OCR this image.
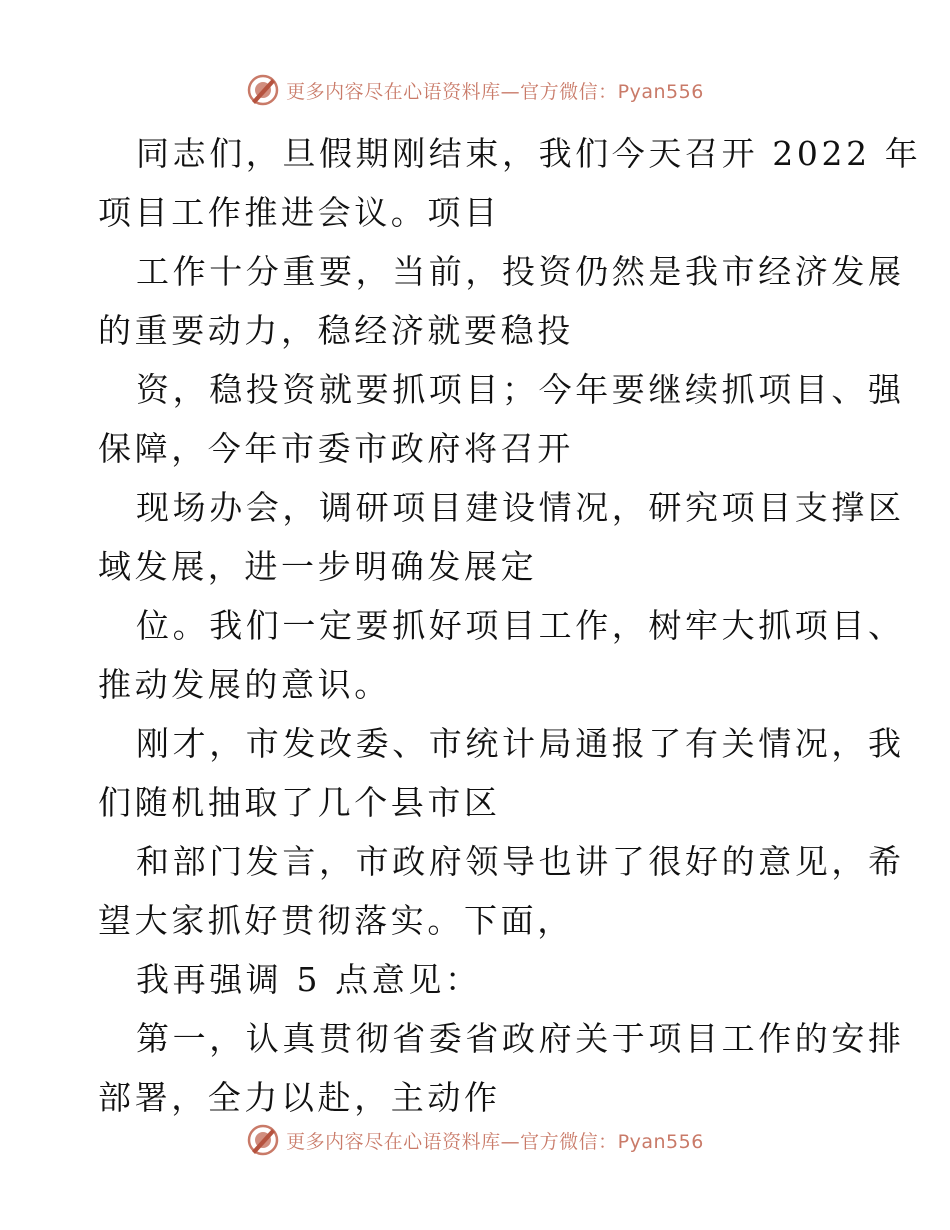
更多内容尽在心语资料库—官方微信：Pyan556

同志们，旦假期刚结束，我们今天召开 2022 年
项目工作推进会议。项目

工作十分重要，当前，投资仍然是我市经济发展
的重要动力，稳经济就要稳投

资，稳投资就要抓项目；今年要继续抓项目、强
保障，今年市委市政府将召开

现场办会，调研项目建设情况，研究项目支撑区
域发展，进一步明确发展定

位。我们一定要抓好项目工作，树牢大抓项目、
推动发展的意识。

刚才，市发改委、市统计局通报了有关情况，我
们随机抽取了几个县市区

和部门发言，市政府领导也讲了很好的意见，希
望大家抓好贯彻落实。下面，

我再强调 5 点意见：

第一，认真贯彻省委省政府关于项目工作的安排
部署，全力以赴，主动作

更多内容尽在心语资料库—官方微信：Pyan556
